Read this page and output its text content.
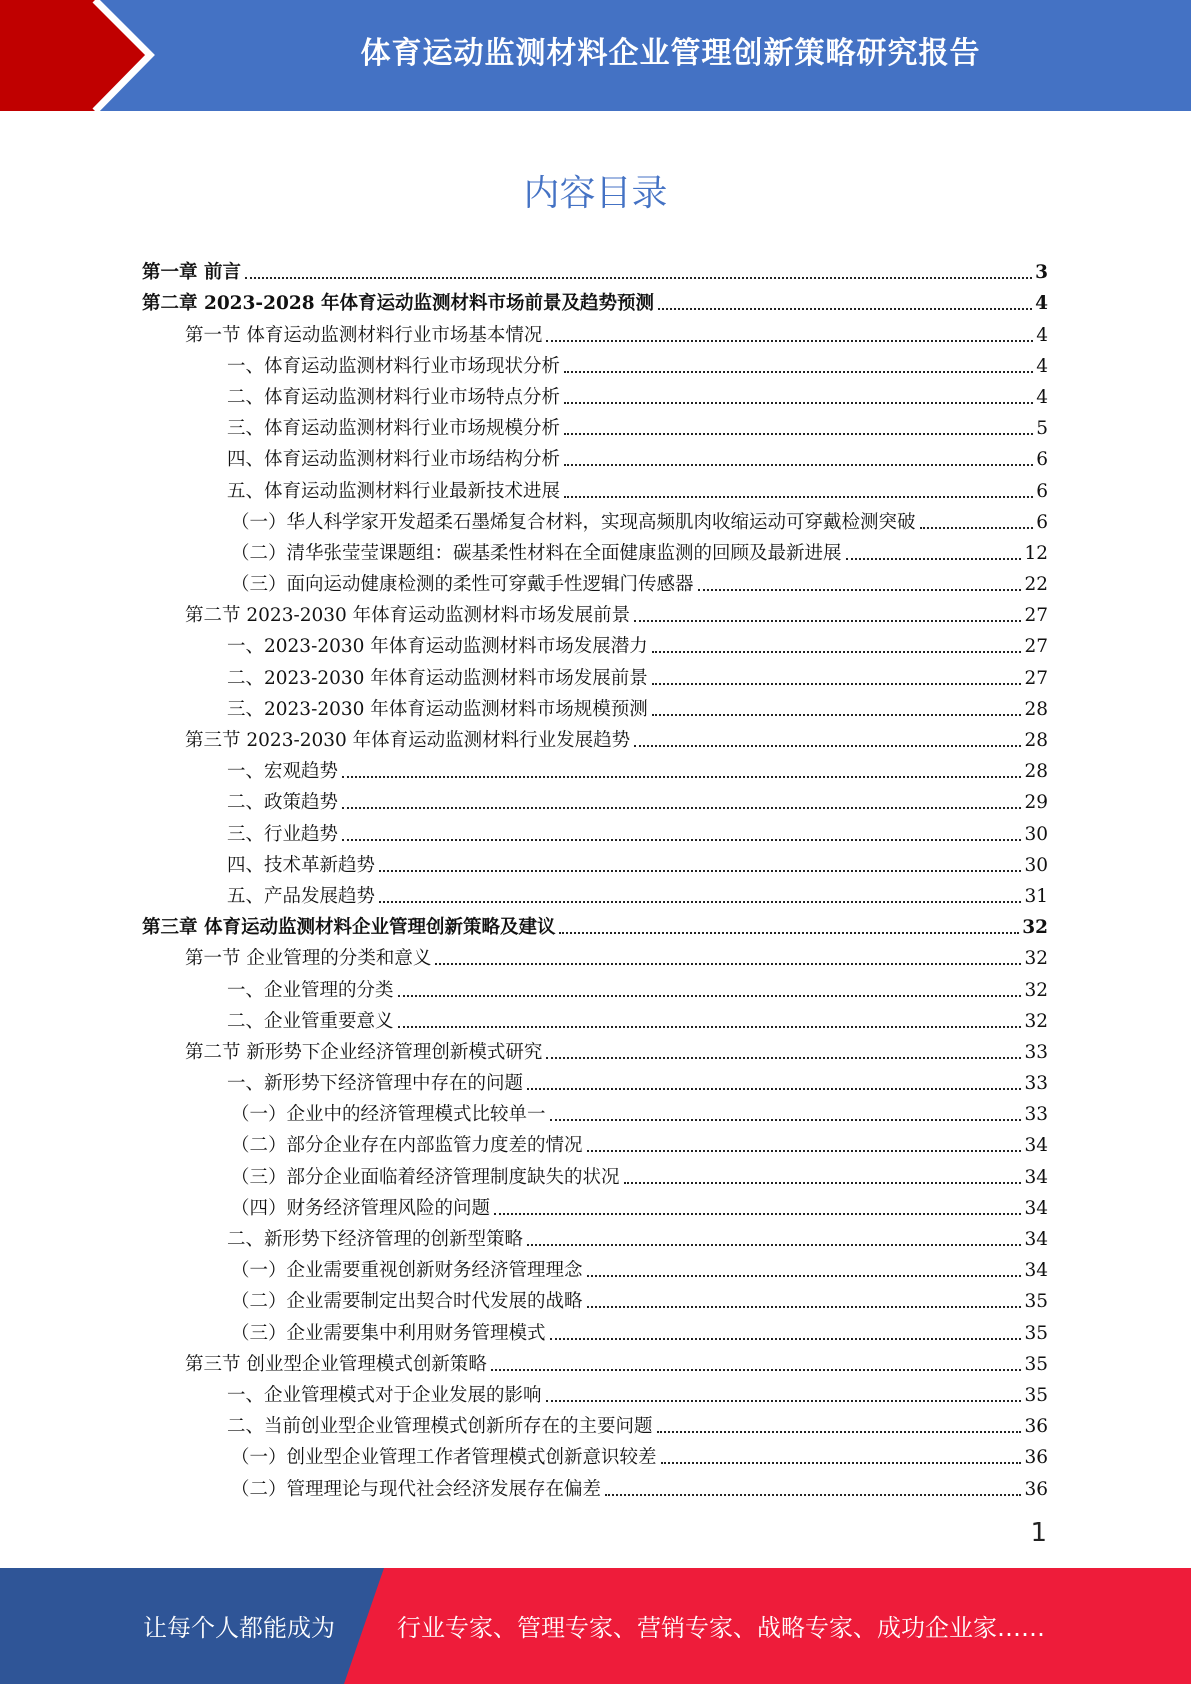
体育运动监测材料企业管理创新策略研究报告
内容目录
第一章 前言	3
第二章 2023-2028 年体育运动监测材料市场前景及趋势预测	4
第一节 体育运动监测材料行业市场基本情况	4
一、体育运动监测材料行业市场现状分析	4
二、体育运动监测材料行业市场特点分析	4
三、体育运动监测材料行业市场规模分析	5
四、体育运动监测材料行业市场结构分析	6
五、体育运动监测材料行业最新技术进展	6
（一）华人科学家开发超柔石墨烯复合材料，实现高频肌肉收缩运动可穿戴检测突破	6
（二）清华张莹莹课题组：碳基柔性材料在全面健康监测的回顾及最新进展	12
（三）面向运动健康检测的柔性可穿戴手性逻辑门传感器	22
第二节 2023-2030 年体育运动监测材料市场发展前景	27
一、2023-2030 年体育运动监测材料市场发展潜力	27
二、2023-2030 年体育运动监测材料市场发展前景	27
三、2023-2030 年体育运动监测材料市场规模预测	28
第三节 2023-2030 年体育运动监测材料行业发展趋势	28
一、宏观趋势	28
二、政策趋势	29
三、行业趋势	30
四、技术革新趋势	30
五、产品发展趋势	31
第三章 体育运动监测材料企业管理创新策略及建议	32
第一节 企业管理的分类和意义	32
一、企业管理的分类	32
二、企业管重要意义	32
第二节 新形势下企业经济管理创新模式研究	33
一、新形势下经济管理中存在的问题	33
（一）企业中的经济管理模式比较单一	33
（二）部分企业存在内部监管力度差的情况	34
（三）部分企业面临着经济管理制度缺失的状况	34
（四）财务经济管理风险的问题	34
二、新形势下经济管理的创新型策略	34
（一）企业需要重视创新财务经济管理理念	34
（二）企业需要制定出契合时代发展的战略	35
（三）企业需要集中利用财务管理模式	35
第三节 创业型企业管理模式创新策略	35
一、企业管理模式对于企业发展的影响	35
二、当前创业型企业管理模式创新所存在的主要问题	36
（一）创业型企业管理工作者管理模式创新意识较差	36
（二）管理理论与现代社会经济发展存在偏差	36
1
让每个人都能成为	行业专家、管理专家、营销专家、战略专家、成功企业家……
